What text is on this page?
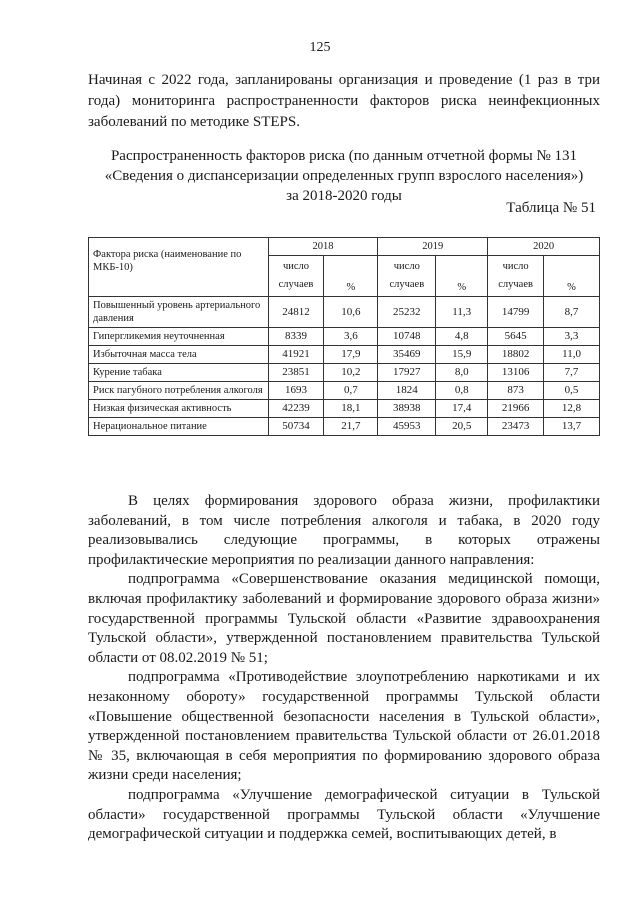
125
Начиная с 2022 года, запланированы организация и проведение (1 раз в три года) мониторинга распространенности факторов риска неинфекционных заболеваний по методике STEPS.
Распространенность факторов риска (по данным отчетной формы № 131
«Сведения о диспансеризации определенных групп взрослого населения»)
за 2018-2020 годы
Таблица № 51
Фактора риска (наименование по МКБ-10)	2018		2019		2020	
	число случаев	%	число случаев	%	число случаев	%
Повышенный уровень артериального давления	24812	10,6	25232	11,3	14799	8,7
Гипергликемия неуточненная	8339	3,6	10748	4,8	5645	3,3
Избыточная масса тела	41921	17,9	35469	15,9	18802	11,0
Курение табака	23851	10,2	17927	8,0	13106	7,7
Риск пагубного потребления алкоголя	1693	0,7	1824	0,8	873	0,5
Низкая физическая активность	42239	18,1	38938	17,4	21966	12,8
Нерациональное питание	50734	21,7	45953	20,5	23473	13,7

В целях формирования здорового образа жизни, профилактики заболеваний, в том числе потребления алкоголя и табака, в 2020 году реализовывались следующие программы, в которых отражены профилактические мероприятия по реализации данного направления:

подпрограмма «Совершенствование оказания медицинской помощи, включая профилактику заболеваний и формирование здорового образа жизни» государственной программы Тульской области «Развитие здравоохранения Тульской области», утвержденной постановлением правительства Тульской области от 08.02.2019 № 51;

подпрограмма «Противодействие злоупотреблению наркотиками и их незаконному обороту» государственной программы Тульской области «Повышение общественной безопасности населения в Тульской области», утвержденной постановлением правительства Тульской области от 26.01.2018 № 35, включающая в себя мероприятия по формированию здорового образа жизни среди населения;

подпрограмма «Улучшение демографической ситуации в Тульской области» государственной программы Тульской области «Улучшение демографической ситуации и поддержка семей, воспитывающих детей, в
